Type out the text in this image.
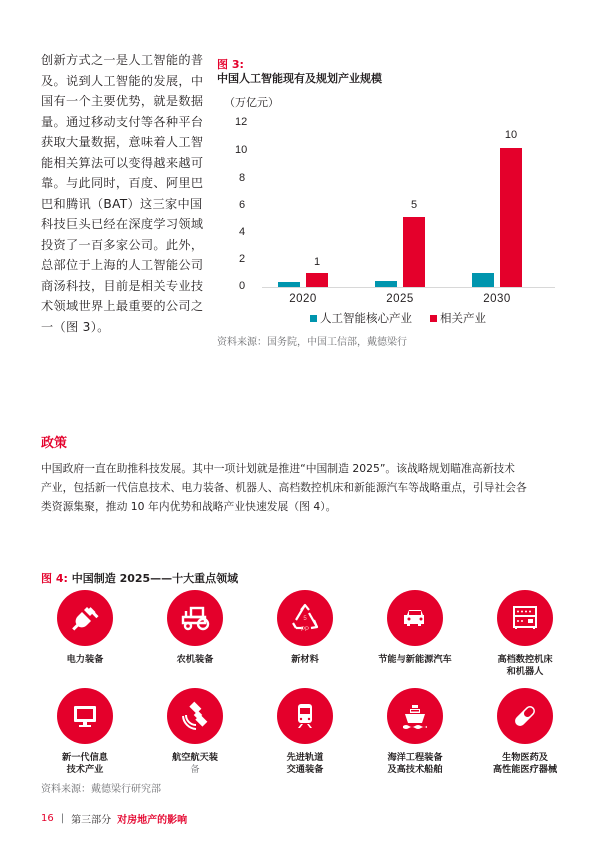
创新方式之一是人工智能的普
及。说到人工智能的发展，中
国有一个主要优势，就是数据
量。通过移动支付等各种平台
获取大量数据，意味着人工智
能相关算法可以变得越来越可
靠。与此同时，百度、阿里巴
巴和腾讯（BAT）这三家中国
科技巨头已经在深度学习领域
投资了一百多家公司。此外，
总部位于上海的人工智能公司
商汤科技，目前是相关专业技
术领域世界上最重要的公司之
一（图 3）。
图 3:
中国人工智能现有及规划产业规模
（万亿元）
12
10
8
6
4
2
0
1
5
10
2020	2025	2030
人工智能核心产业 相关产业
资料来源：国务院，中国工信部，戴德梁行
政策
中国政府一直在助推科技发展。其中一项计划就是推进“中国制造 2025”。该战略规划瞄准高新技术
产业，包括新一代信息技术、电力装备、机器人、高档数控机床和新能源汽车等战略重点，引导社会各
类资源集聚，推动 10 年内优势和战略产业快速发展（图 4）。
图 4: 中国制造 2025——十大重点领域
电力装备	农机装备
5
PP
新材料	节能与新能源汽车	高档数控机床
和机器人
新一代信息
技术产业
航空航天装
备
先进轨道
交通装备
海洋工程装备
及高技术船舶
生物医药及
高性能医疗器械
资料来源：戴德梁行研究部
16 | 第三部分 对房地产的影响
